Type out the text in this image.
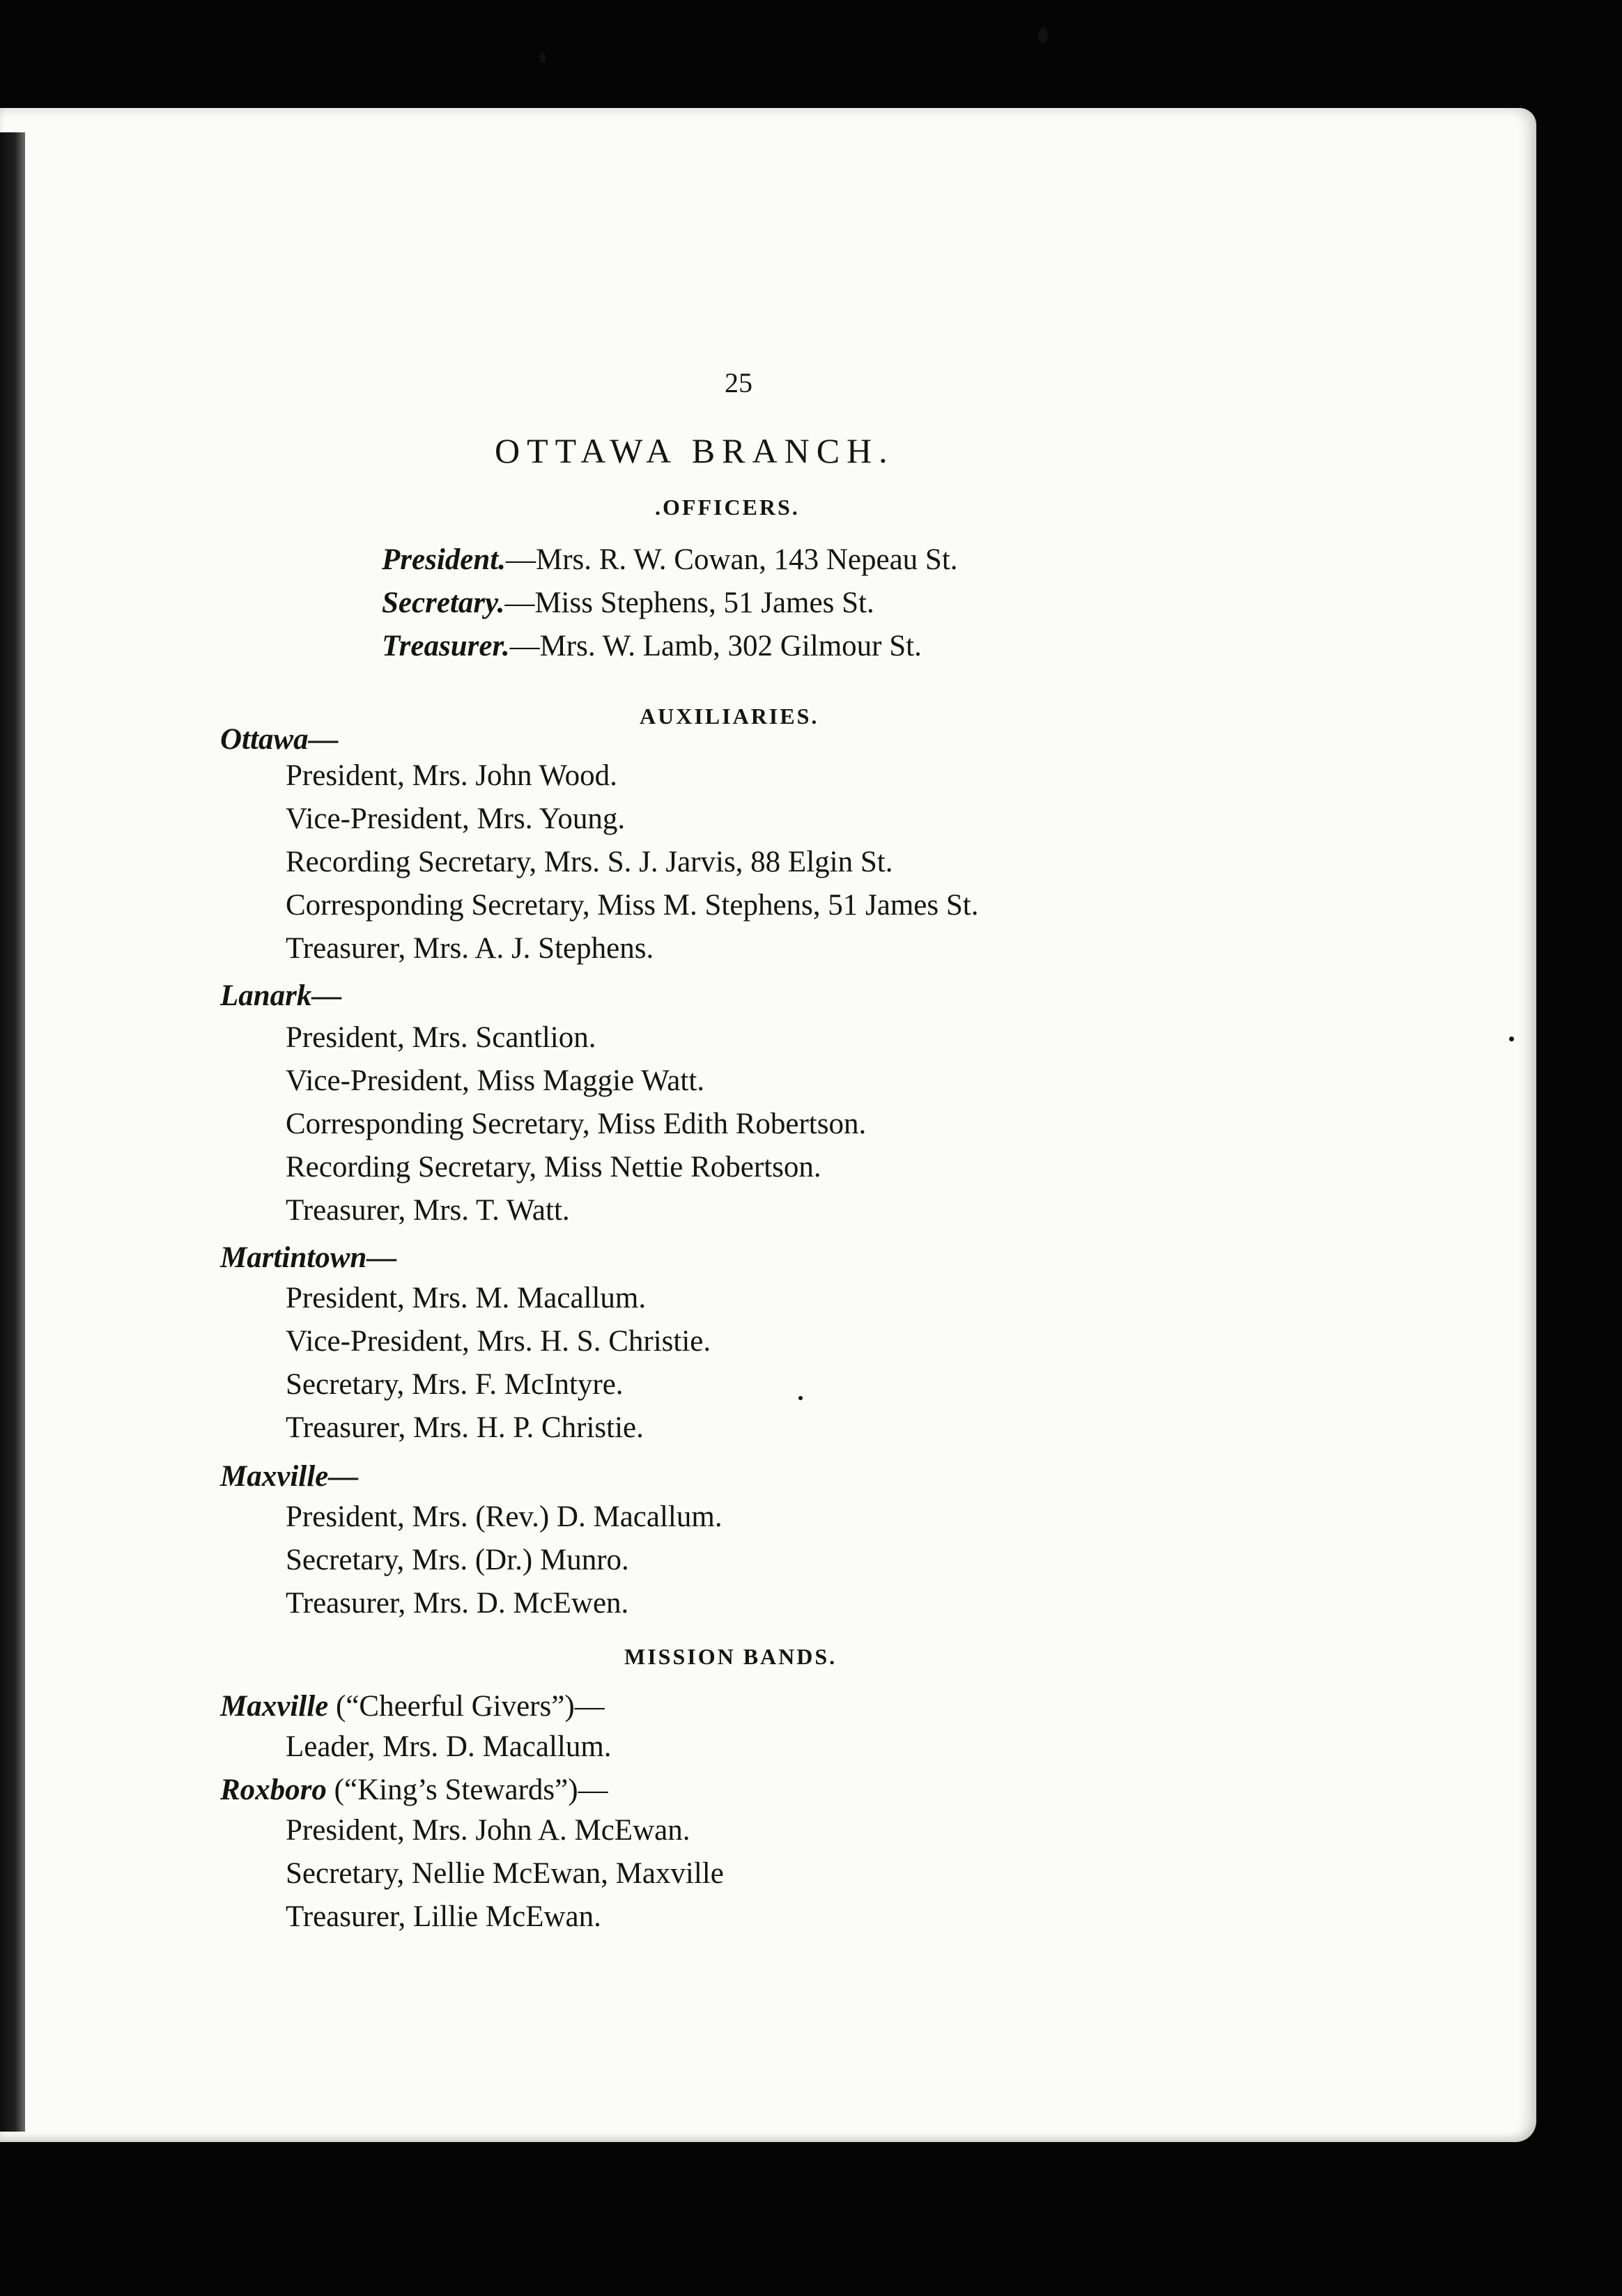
25
OTTAWA BRANCH.
.OFFICERS.
President.—Mrs. R. W. Cowan, 143 Nepeau St.
Secretary.—Miss Stephens, 51 James St.
Treasurer.—Mrs. W. Lamb, 302 Gilmour St.
AUXILIARIES.
Ottawa—
President, Mrs. John Wood.
Vice-President, Mrs. Young.
Recording Secretary, Mrs. S. J. Jarvis, 88 Elgin St.
Corresponding Secretary, Miss M. Stephens, 51 James St.
Treasurer, Mrs. A. J. Stephens.
Lanark—
President, Mrs. Scantlion.
Vice-President, Miss Maggie Watt.
Corresponding Secretary, Miss Edith Robertson.
Recording Secretary, Miss Nettie Robertson.
Treasurer, Mrs. T. Watt.
Martintown—
President, Mrs. M. Macallum.
Vice-President, Mrs. H. S. Christie.
Secretary, Mrs. F. McIntyre.
Treasurer, Mrs. H. P. Christie.
Maxville—
President, Mrs. (Rev.) D. Macallum.
Secretary, Mrs. (Dr.) Munro.
Treasurer, Mrs. D. McEwen.
MISSION BANDS.
Maxville (“Cheerful Givers”)—
Leader, Mrs. D. Macallum.
Roxboro (“King’s Stewards”)—
President, Mrs. John A. McEwan.
Secretary, Nellie McEwan, Maxville
Treasurer, Lillie McEwan.
